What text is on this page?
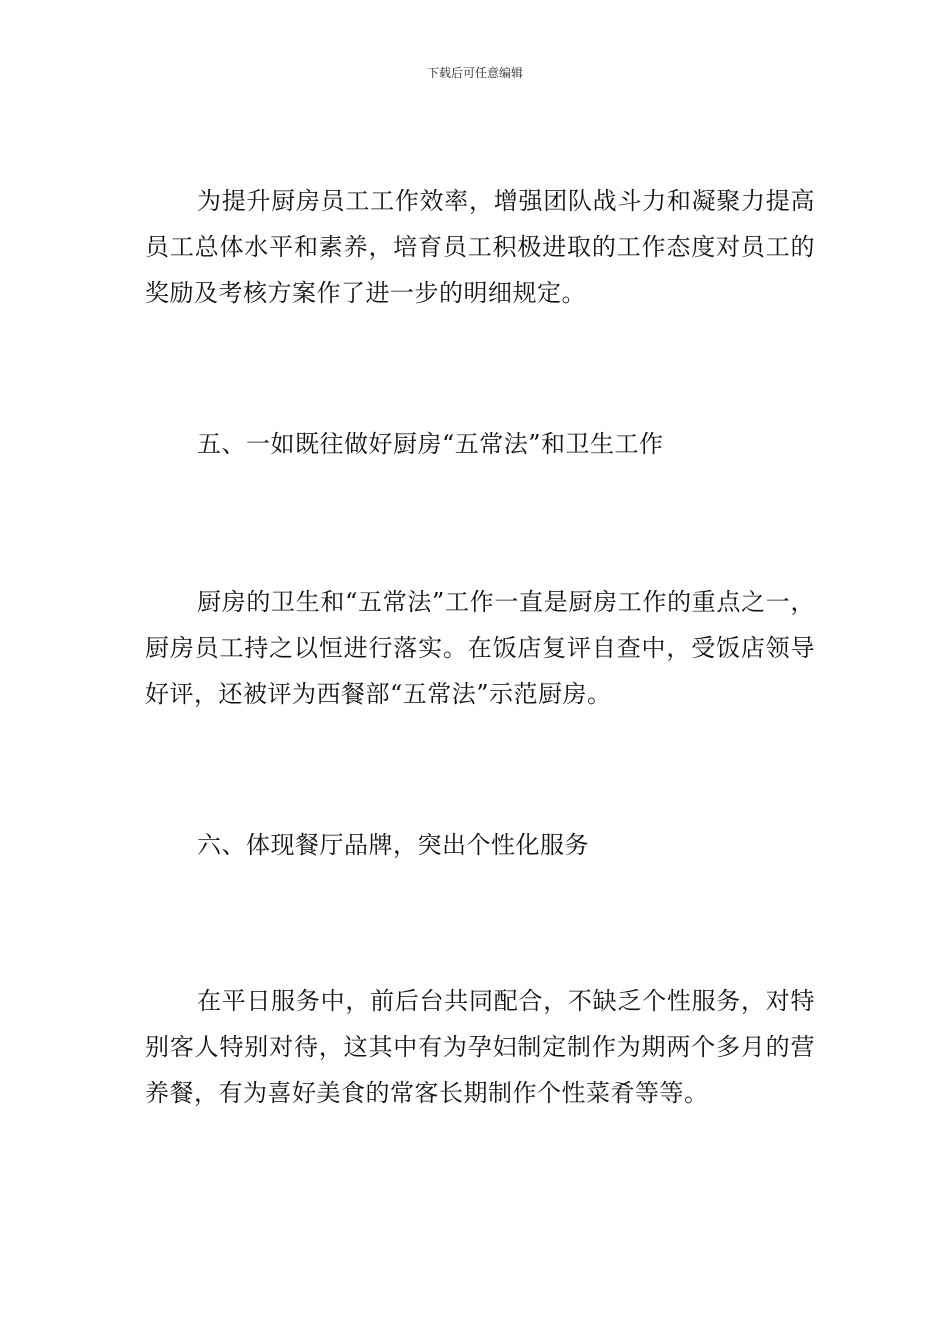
下载后可任意编辑

为提升厨房员工工作效率，增强团队战斗力和凝聚力提高员工总体水平和素养，培育员工积极进取的工作态度对员工的奖励及考核方案作了进一步的明细规定。

五、一如既往做好厨房“五常法”和卫生工作

厨房的卫生和“五常法”工作一直是厨房工作的重点之一，厨房员工持之以恒进行落实。在饭店复评自查中，受饭店领导好评，还被评为西餐部“五常法”示范厨房。

六、体现餐厅品牌，突出个性化服务

在平日服务中，前后台共同配合，不缺乏个性服务，对特别客人特别对待，这其中有为孕妇制定制作为期两个多月的营养餐，有为喜好美食的常客长期制作个性菜肴等等。
